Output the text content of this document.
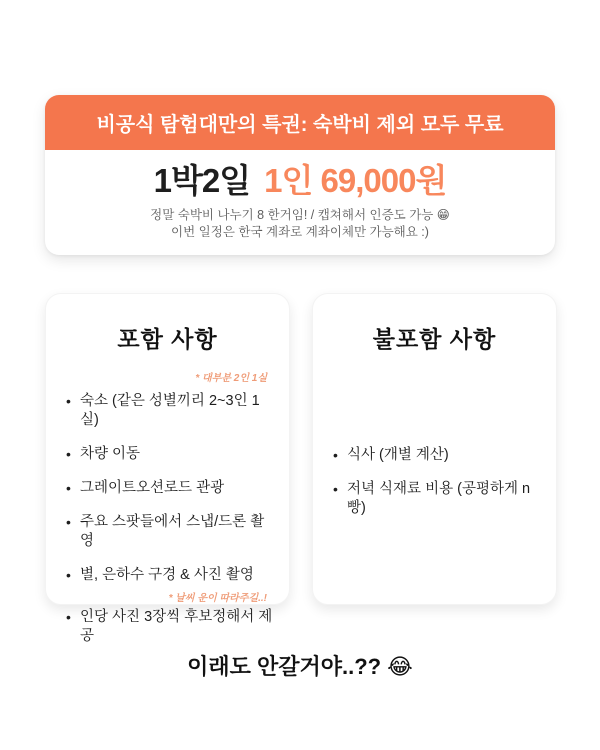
비공식 탐험대만의 특권: 숙박비 제외 모두 무료
1박2일 1인 69,000원
정말 숙박비 나누기 8 한거임! / 캡쳐해서 인증도 가능 😁
이번 일정은 한국 계좌로 계좌이체만 가능해요 :)
포함 사항
* 대부분 2인 1실
• 숙소 (같은 성별끼리 2~3인 1실)
• 차량 이동
• 그레이트오션로드 관광
• 주요 스팟들에서 스냅/드론 촬영
• 별, 은하수 구경 & 사진 촬영
* 날씨 운이 따라주길..!
• 인당 사진 3장씩 후보정해서 제공
불포함 사항
• 식사 (개별 계산)
• 저녁 식재료 비용 (공평하게 n빵)
이래도 안갈거야..?? 😂
